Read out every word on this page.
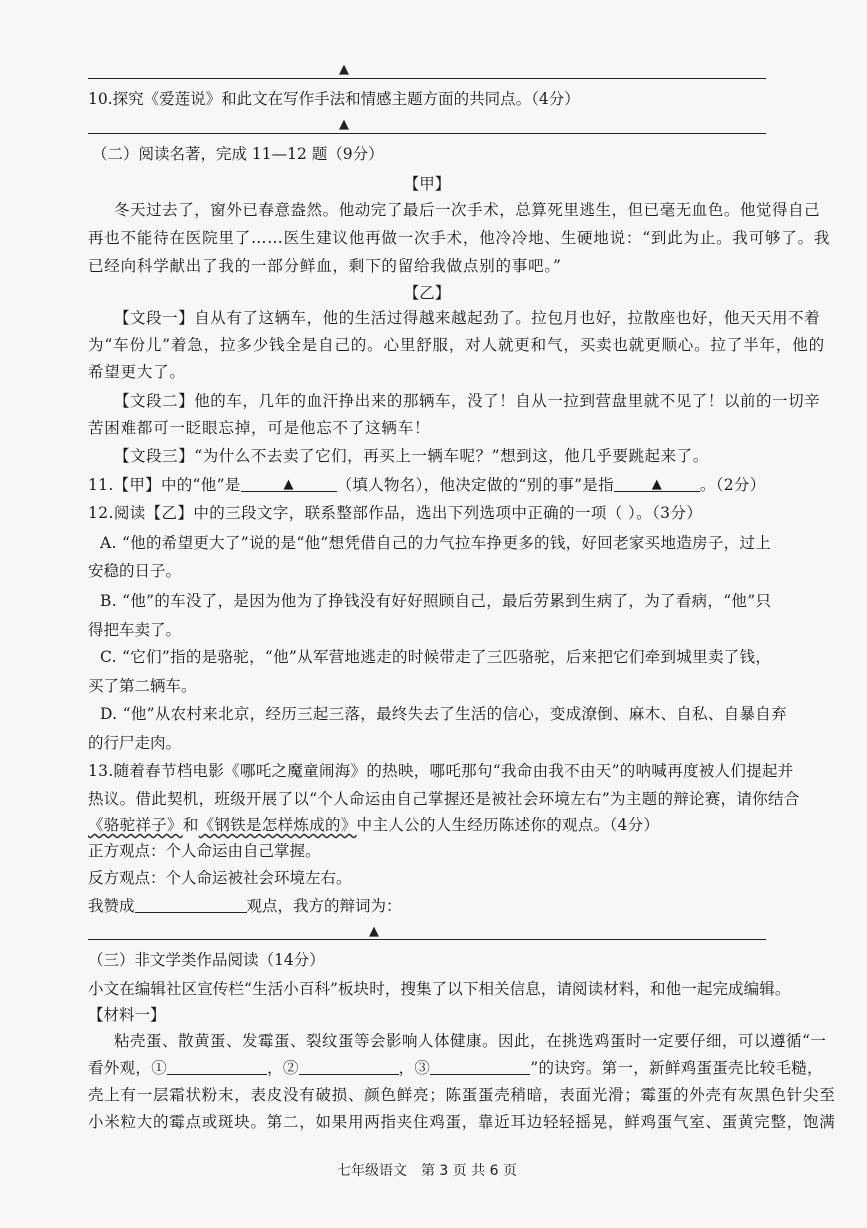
▲
10.探究《爱莲说》和此文在写作手法和情感主题方面的共同点。（4分）
▲
（二）阅读名著，完成 11—12 题（9分）
【甲】
冬天过去了，窗外已春意盎然。他动完了最后一次手术，总算死里逃生，但已毫无血色。他觉得自己
再也不能待在医院里了……医生建议他再做一次手术，他冷冷地、生硬地说：“到此为止。我可够了。我
已经向科学献出了我的一部分鲜血，剩下的留给我做点别的事吧。”
【乙】
【文段一】自从有了这辆车，他的生活过得越来越起劲了。拉包月也好，拉散座也好，他天天用不着
为“车份儿”着急，拉多少钱全是自己的。心里舒服，对人就更和气，买卖也就更顺心。拉了半年，他的
希望更大了。
【文段二】他的车，几年的血汗挣出来的那辆车，没了！自从一拉到营盘里就不见了！以前的一切辛
苦困难都可一眨眼忘掉，可是他忘不了这辆车！
【文段三】“为什么不去卖了它们，再买上一辆车呢？”想到这，他几乎要跳起来了。
11.【甲】中的“他”是	▲	（填人物名），他决定做的“别的事”是指	▲ 。（2分）
12.阅读【乙】中的三段文字，联系整部作品，选出下列选项中正确的一项（ ）。（3分）
A. “他的希望更大了”说的是“他”想凭借自己的力气拉车挣更多的钱，好回老家买地造房子，过上
安稳的日子。
B. “他”的车没了，是因为他为了挣钱没有好好照顾自己，最后劳累到生病了，为了看病，“他”只
得把车卖了。
C. “它们”指的是骆驼，“他”从军营地逃走的时候带走了三匹骆驼，后来把它们牵到城里卖了钱，
买了第二辆车。
D. “他”从农村来北京，经历三起三落，最终失去了生活的信心，变成潦倒、麻木、自私、自暴自弃
的行尸走肉。
13.随着春节档电影《哪吒之魔童闹海》的热映，哪吒那句“我命由我不由天”的呐喊再度被人们提起并
热议。借此契机，班级开展了以“个人命运由自己掌握还是被社会环境左右”为主题的辩论赛，请你结合
《骆驼祥子》和《钢铁是怎样炼成的》中主人公的人生经历陈述你的观点。（4分）
正方观点：个人命运由自己掌握。
反方观点：个人命运被社会环境左右。
我赞成	观点，我方的辩词为：
▲
（三）非文学类作品阅读（14分）
小文在编辑社区宣传栏“生活小百科”板块时，搜集了以下相关信息，请阅读材料，和他一起完成编辑。
【材料一】
粘壳蛋、散黄蛋、发霉蛋、裂纹蛋等会影响人体健康。因此，在挑选鸡蛋时一定要仔细，可以遵循“一
看外观，①	，②	，③	”的诀窍。第一，新鲜鸡蛋蛋壳比较毛糙，
壳上有一层霜状粉末，表皮没有破损、颜色鲜亮；陈蛋蛋壳稍暗，表面光滑；霉蛋的外壳有灰黑色针尖至
小米粒大的霉点或斑块。第二，如果用两指夹住鸡蛋，靠近耳边轻轻摇晃，鲜鸡蛋气室、蛋黄完整，饱满
七年级语文　第 3 页 共 6 页
